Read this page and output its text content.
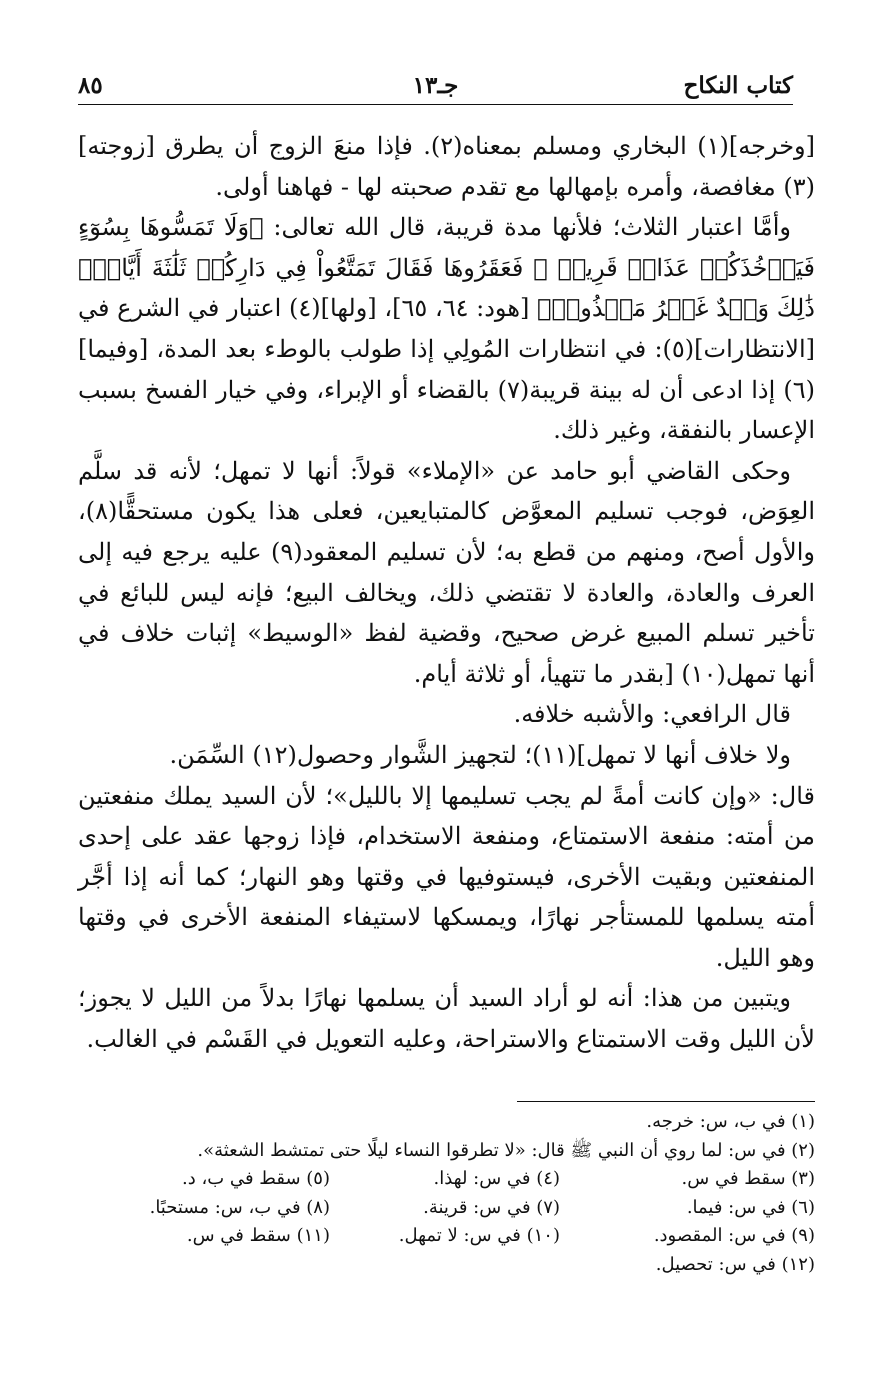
كتاب النكاح
جـ١٣
٨٥

[وخرجه](١) البخاري ومسلم بمعناه(٢). فإذا منعَ الزوج أن يطرق [زوجته](٣) مغافصة، وأمره بإمهالها مع تقدم صحبته لها - فهاهنا أولى.

وأمَّا اعتبار الثلاث؛ فلأنها مدة قريبة، قال الله تعالى: ﴿وَلَا تَمَسُّوهَا بِسُوٓءٍ فَيَأۡخُذَكُمۡ عَذَابٞ قَرِيبٞ ۞ فَعَقَرُوهَا فَقَالَ تَمَتَّعُواْ فِي دَارِكُمۡ ثَلَٰثَةَ أَيَّامٖۖ ذَٰلِكَ وَعۡدٌ غَيۡرُ مَكۡذُوبٖ﴾ [هود: ٦٤، ٦٥]، [ولها](٤) اعتبار في الشرع في [الانتظارات](٥): في انتظارات المُولِي إذا طولب بالوطء بعد المدة، [وفيما](٦) إذا ادعى أن له بينة قريبة(٧) بالقضاء أو الإبراء، وفي خيار الفسخ بسبب الإعسار بالنفقة، وغير ذلك.

وحكى القاضي أبو حامد عن «الإملاء» قولاً: أنها لا تمهل؛ لأنه قد سلَّم العِوَض، فوجب تسليم المعوَّض كالمتبايعين، فعلى هذا يكون مستحقًّا(٨)، والأول أصح، ومنهم من قطع به؛ لأن تسليم المعقود(٩) عليه يرجع فيه إلى العرف والعادة، والعادة لا تقتضي ذلك، ويخالف البيع؛ فإنه ليس للبائع في تأخير تسلم المبيع غرض صحيح، وقضية لفظ «الوسيط» إثبات خلاف في أنها تمهل(١٠) [بقدر ما تتهيأ، أو ثلاثة أيام.

قال الرافعي: والأشبه خلافه.

ولا خلاف أنها لا تمهل](١١)؛ لتجهيز الشَّوار وحصول(١٢) السِّمَن.

قال: «وإن كانت أمةً لم يجب تسليمها إلا بالليل»؛ لأن السيد يملك منفعتين من أمته: منفعة الاستمتاع، ومنفعة الاستخدام، فإذا زوجها عقد على إحدى المنفعتين وبقيت الأخرى، فيستوفيها في وقتها وهو النهار؛ كما أنه إذا أجَّر أمته يسلمها للمستأجر نهارًا، ويمسكها لاستيفاء المنفعة الأخرى في وقتها وهو الليل.

ويتبين من هذا: أنه لو أراد السيد أن يسلمها نهارًا بدلاً من الليل لا يجوز؛ لأن الليل وقت الاستمتاع والاستراحة، وعليه التعويل في القَسْم في الغالب.

(١) في ب، س: خرجه.
(٢) في س: لما روي أن النبي ﷺ قال: «لا تطرقوا النساء ليلًا حتى تمتشط الشعثة».
(٣) سقط في س.
(٤) في س: لهذا.
(٥) سقط في ب، د.
(٦) في س: فيما.
(٧) في س: قرينة.
(٨) في ب، س: مستحبًا.
(٩) في س: المقصود.
(١٠) في س: لا تمهل.
(١١) سقط في س.
(١٢) في س: تحصيل.
